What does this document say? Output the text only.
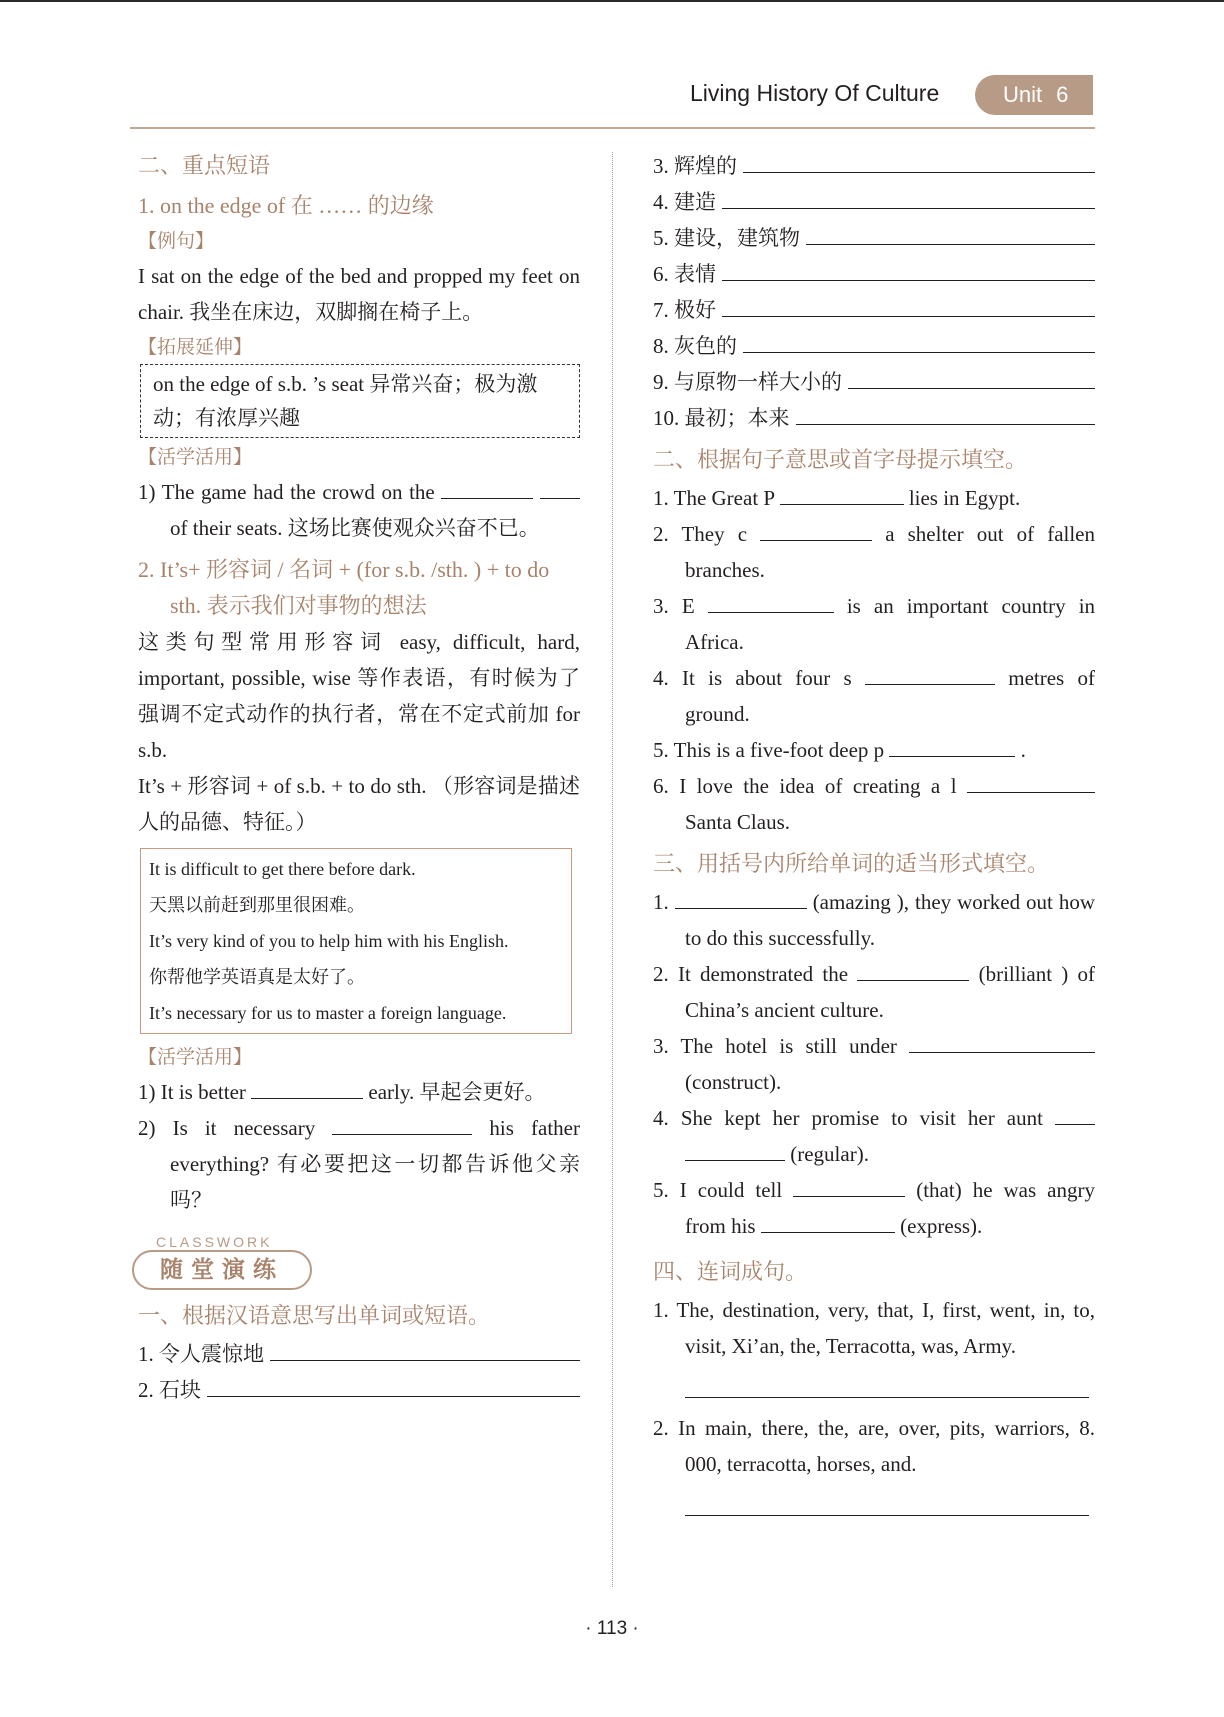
Living History Of Culture	Unit 6
二、重点短语
1. on the edge of 在 …… 的边缘
【例句】

I sat on the edge of the bed and propped my feet on chair. 我坐在床边，双脚搁在椅子上。

【拓展延伸】
on the edge of s.b. ’s seat 异常兴奋；极为激动；有浓厚兴趣
【活学活用】

1) The game had the crowd on the   of their seats. 这场比赛使观众兴奋不已。

2. It’s+ 形容词 / 名词 + (for s.b. /sth. ) + to do sth. 表示我们对事物的想法

这类句型常用形容词 easy, difficult, hard, important, possible, wise 等作表语，有时候为了强调不定式动作的执行者，常在不定式前加 for s.b.

It’s + 形容词 + of s.b. + to do sth. （形容词是描述人的品德、特征。）

It is difficult to get there before dark.
天黑以前赶到那里很困难。
It’s very kind of you to help him with his English.
你帮他学英语真是太好了。
It’s necessary for us to master a foreign language.
【活学活用】

1) It is better	early. 早起会更好。

2) Is it necessary	his father everything? 有必要把这一切都告诉他父亲吗？

CLASSWORK
随堂演练
一、根据汉语意思写出单词或短语。
1. 令人震惊地
2. 石块
3. 辉煌的
4. 建造
5. 建设，建筑物
6. 表情
7. 极好
8. 灰色的
9. 与原物一样大小的
10. 最初；本来
二、根据句子意思或首字母提示填空。

1. The Great P	lies in Egypt.

2. They c	a shelter out of fallen branches.

3. E	is an important country in Africa.

4. It is about four s	metres of ground.

5. This is a five-foot deep p	.

6. I love the idea of creating a l  Santa Claus.

三、用括号内所给单词的适当形式填空。

1.	(amazing ), they worked out how to do this successfully.

2. It demonstrated the	(brilliant ) of China’s ancient culture.

3. The hotel is still under  (construct).

4. She kept her promise to visit her aunt   (regular).

5. I could tell	(that) he was angry from his	(express).

四、连词成句。

1. The, destination, very, that, I, first, went, in, to, visit, Xi’an, the, Terracotta, was, Army.

2. In main, there, the, are, over, pits, warriors, 8. 000, terracotta, horses, and.

· 113 ·
